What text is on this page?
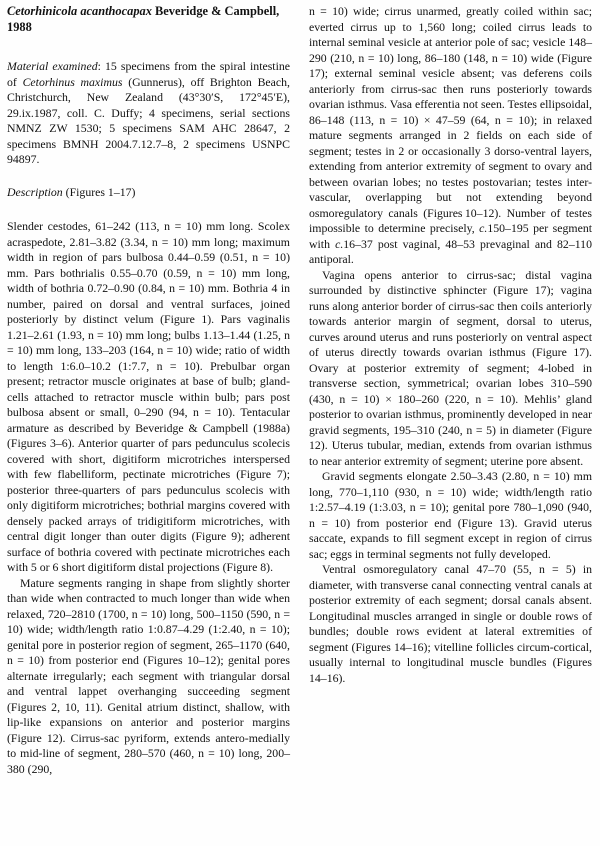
Cetorhinicola acanthocapax Beveridge & Campbell, 1988

Material examined: 15 specimens from the spiral intestine of Cetorhinus maximus (Gunnerus), off Brighton Beach, Christchurch, New Zealand (43°30′S, 172°45′E), 29.ix.1987, coll. C. Duffy; 4 specimens, serial sections NMNZ ZW 1530; 5 specimens SAM AHC 28647, 2 specimens BMNH 2004.7.12.7–8, 2 specimens USNPC 94897.

Description (Figures 1–17)

Slender cestodes, 61–242 (113, n = 10) mm long. Scolex acraspedote, 2.81–3.82 (3.34, n = 10) mm long; maximum width in region of pars bulbosa 0.44–0.59 (0.51, n = 10) mm. Pars bothrialis 0.55–0.70 (0.59, n = 10) mm long, width of bothria 0.72–0.90 (0.84, n = 10) mm. Bothria 4 in number, paired on dorsal and ventral surfaces, joined posteriorly by distinct velum (Figure 1). Pars vaginalis 1.21–2.61 (1.93, n = 10) mm long; bulbs 1.13–1.44 (1.25, n = 10) mm long, 133–203 (164, n = 10) wide; ratio of width to length 1:6.0–10.2 (1:7.7, n = 10). Prebulbar organ present; retractor muscle originates at base of bulb; gland-cells attached to retractor muscle within bulb; pars post bulbosa absent or small, 0–290 (94, n = 10). Tentacular armature as described by Beveridge & Campbell (1988a) (Figures 3–6). Anterior quarter of pars pedunculus scolecis covered with short, digitiform microtriches interspersed with few flabelliform, pectinate microtriches (Figure 7); posterior three-quarters of pars pedunculus scolecis with only digitiform microtriches; bothrial margins covered with densely packed arrays of tridigitiform microtriches, with central digit longer than outer digits (Figure 9); adherent surface of bothria covered with pectinate microtriches each with 5 or 6 short digitiform distal projections (Figure 8).

Mature segments ranging in shape from slightly shorter than wide when contracted to much longer than wide when relaxed, 720–2810 (1700, n = 10) long, 500–1150 (590, n = 10) wide; width/length ratio 1:0.87–4.29 (1:2.40, n = 10); genital pore in posterior region of segment, 265–1170 (640, n = 10) from posterior end (Figures 10–12); genital pores alternate irregularly; each segment with triangular dorsal and ventral lappet overhanging succeeding segment (Figures 2, 10, 11). Genital atrium distinct, shallow, with lip-like expansions on anterior and posterior margins (Figure 12). Cirrus-sac pyriform, extends antero-medially to mid-line of segment, 280–570 (460, n = 10) long, 200–380 (290,

n = 10) wide; cirrus unarmed, greatly coiled within sac; everted cirrus up to 1,560 long; coiled cirrus leads to internal seminal vesicle at anterior pole of sac; vesicle 148–290 (210, n = 10) long, 86–180 (148, n = 10) wide (Figure 17); external seminal vesicle absent; vas deferens coils anteriorly from cirrus-sac then runs posteriorly towards ovarian isthmus. Vasa efferentia not seen. Testes ellipsoidal, 86–148 (113, n = 10) × 47–59 (64, n = 10); in relaxed mature segments arranged in 2 fields on each side of segment; testes in 2 or occasionally 3 dorso-ventral layers, extending from anterior extremity of segment to ovary and between ovarian lobes; no testes postovarian; testes inter-vascular, overlapping but not extending beyond osmoregulatory canals (Figures 10–12). Number of testes impossible to determine precisely, c.150–195 per segment with c.16–37 post vaginal, 48–53 prevaginal and 82–110 antiporal.

Vagina opens anterior to cirrus-sac; distal vagina surrounded by distinctive sphincter (Figure 17); vagina runs along anterior border of cirrus-sac then coils anteriorly towards anterior margin of segment, dorsal to uterus, curves around uterus and runs posteriorly on ventral aspect of uterus directly towards ovarian isthmus (Figure 17). Ovary at posterior extremity of segment; 4-lobed in transverse section, symmetrical; ovarian lobes 310–590 (430, n = 10) × 180–260 (220, n = 10). Mehlis’ gland posterior to ovarian isthmus, prominently developed in near gravid segments, 195–310 (240, n = 5) in diameter (Figure 12). Uterus tubular, median, extends from ovarian isthmus to near anterior extremity of segment; uterine pore absent.

Gravid segments elongate 2.50–3.43 (2.80, n = 10) mm long, 770–1,110 (930, n = 10) wide; width/length ratio 1:2.57–4.19 (1:3.03, n = 10); genital pore 780–1,090 (940, n = 10) from posterior end (Figure 13). Gravid uterus saccate, expands to fill segment except in region of cirrus sac; eggs in terminal segments not fully developed.

Ventral osmoregulatory canal 47–70 (55, n = 5) in diameter, with transverse canal connecting ventral canals at posterior extremity of each segment; dorsal canals absent. Longitudinal muscles arranged in single or double rows of bundles; double rows evident at lateral extremities of segment (Figures 14–16); vitelline follicles circum-cortical, usually internal to longitudinal muscle bundles (Figures 14–16).
